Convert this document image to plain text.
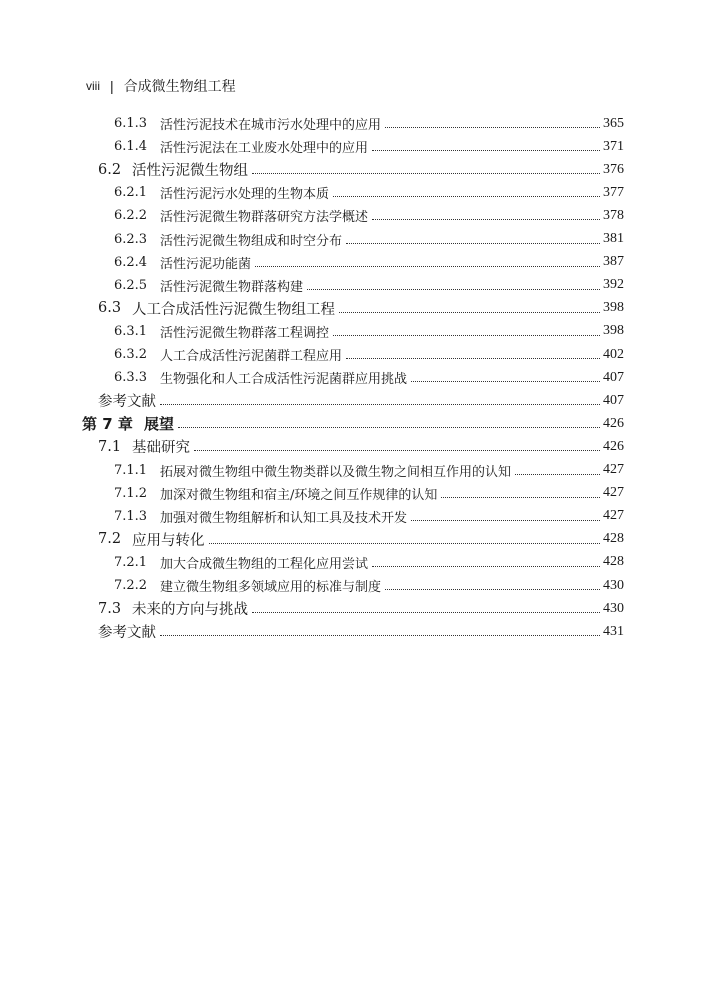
viii | 合成微生物组工程
6.1.3 活性污泥技术在城市污水处理中的应用	365
6.1.4 活性污泥法在工业废水处理中的应用	371
6.2 活性污泥微生物组	376
6.2.1 活性污泥污水处理的生物本质	377
6.2.2 活性污泥微生物群落研究方法学概述	378
6.2.3 活性污泥微生物组成和时空分布	381
6.2.4 活性污泥功能菌	387
6.2.5 活性污泥微生物群落构建	392
6.3 人工合成活性污泥微生物组工程	398
6.3.1 活性污泥微生物群落工程调控	398
6.3.2 人工合成活性污泥菌群工程应用	402
6.3.3 生物强化和人工合成活性污泥菌群应用挑战	407
参考文献	407
第 7 章 展望	426
7.1 基础研究	426
7.1.1 拓展对微生物组中微生物类群以及微生物之间相互作用的认知	427
7.1.2 加深对微生物组和宿主/环境之间互作规律的认知	427
7.1.3 加强对微生物组解析和认知工具及技术开发	427
7.2 应用与转化	428
7.2.1 加大合成微生物组的工程化应用尝试	428
7.2.2 建立微生物组多领域应用的标准与制度	430
7.3 未来的方向与挑战	430
参考文献	431
